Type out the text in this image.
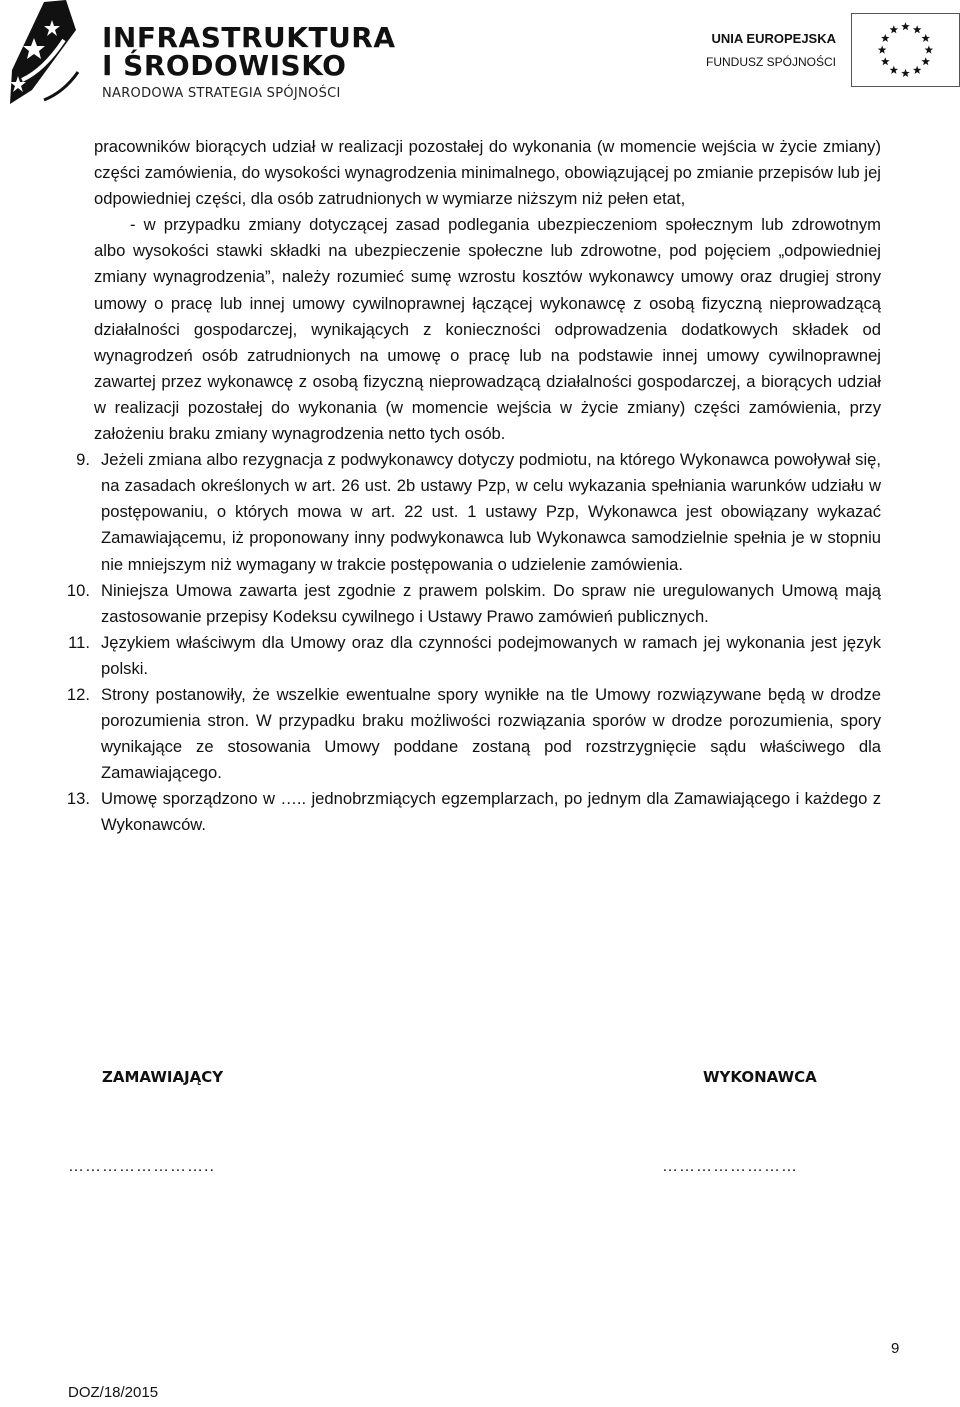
INFRASTRUKTURA
I ŚRODOWISKO
NARODOWA STRATEGIA SPÓJNOŚCI
UNIA EUROPEJSKA
FUNDUSZ SPÓJNOŚCI

pracowników biorących udział w realizacji pozostałej do wykonania (w momencie wejścia w życie zmiany) części zamówienia, do wysokości wynagrodzenia minimalnego, obowiązującej po zmianie przepisów lub jej odpowiedniej części, dla osób zatrudnionych w wymiarze niższym niż pełen etat,

- w przypadku zmiany dotyczącej zasad podlegania ubezpieczeniom społecznym lub zdrowotnym albo wysokości stawki składki na ubezpieczenie społeczne lub zdrowotne, pod pojęciem „odpowiedniej zmiany wynagrodzenia”, należy rozumieć sumę wzrostu kosztów wykonawcy umowy oraz drugiej strony umowy o pracę lub innej umowy cywilnoprawnej łączącej wykonawcę z osobą fizyczną nieprowadzącą działalności gospodarczej, wynikających z konieczności odprowadzenia dodatkowych składek od wynagrodzeń osób zatrudnionych na umowę o pracę lub na podstawie innej umowy cywilnoprawnej zawartej przez wykonawcę z osobą fizyczną nieprowadzącą działalności gospodarczej, a biorących udział w realizacji pozostałej do wykonania (w momencie wejścia w życie zmiany) części zamówienia, przy założeniu braku zmiany wynagrodzenia netto tych osób.

9. Jeżeli zmiana albo rezygnacja z podwykonawcy dotyczy podmiotu, na którego Wykonawca powoływał się, na zasadach określonych w art. 26 ust. 2b ustawy Pzp, w celu wykazania spełniania warunków udziału w postępowaniu, o których mowa w art. 22 ust. 1 ustawy Pzp, Wykonawca jest obowiązany wykazać Zamawiającemu, iż proponowany inny podwykonawca lub Wykonawca samodzielnie spełnia je w stopniu nie mniejszym niż wymagany w trakcie postępowania o udzielenie zamówienia.
10. Niniejsza Umowa zawarta jest zgodnie z prawem polskim. Do spraw nie uregulowanych Umową mają zastosowanie przepisy Kodeksu cywilnego i Ustawy Prawo zamówień publicznych.
11. Językiem właściwym dla Umowy oraz dla czynności podejmowanych w ramach jej wykonania jest język polski.
12. Strony postanowiły, że wszelkie ewentualne spory wynikłe na tle Umowy rozwiązywane będą w drodze porozumienia stron. W przypadku braku możliwości rozwiązania sporów w drodze porozumienia, spory wynikające ze stosowania Umowy poddane zostaną pod rozstrzygnięcie sądu właściwego dla Zamawiającego.
13. Umowę sporządzono w ….. jednobrzmiących egzemplarzach, po jednym dla Zamawiającego i każdego z Wykonawców.
ZAMAWIAJĄCY	WYKONAWCA
……………………..	……………………
9
DOZ/18/2015
